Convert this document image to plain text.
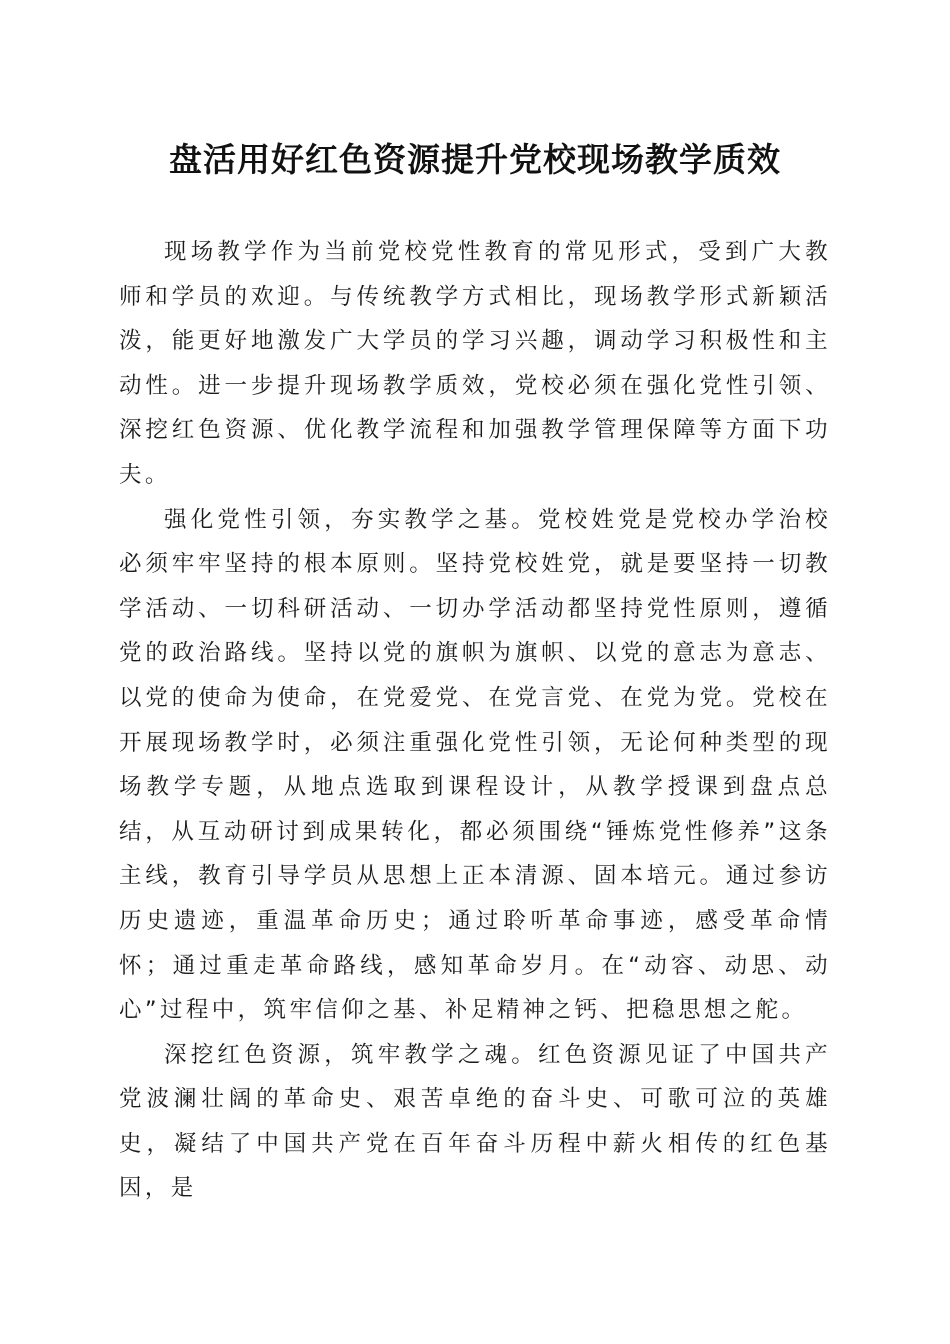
盘活用好红色资源提升党校现场教学质效

现场教学作为当前党校党性教育的常见形式，受到广大教师和学员的欢迎。与传统教学方式相比，现场教学形式新颖活泼，能更好地激发广大学员的学习兴趣，调动学习积极性和主动性。进一步提升现场教学质效，党校必须在强化党性引领、深挖红色资源、优化教学流程和加强教学管理保障等方面下功夫。

强化党性引领，夯实教学之基。党校姓党是党校办学治校必须牢牢坚持的根本原则。坚持党校姓党，就是要坚持一切教学活动、一切科研活动、一切办学活动都坚持党性原则，遵循党的政治路线。坚持以党的旗帜为旗帜、以党的意志为意志、以党的使命为使命，在党爱党、在党言党、在党为党。党校在开展现场教学时，必须注重强化党性引领，无论何种类型的现场教学专题，从地点选取到课程设计，从教学授课到盘点总结，从互动研讨到成果转化，都必须围绕“锤炼党性修养”这条主线，教育引导学员从思想上正本清源、固本培元。通过参访历史遗迹，重温革命历史；通过聆听革命事迹，感受革命情怀；通过重走革命路线，感知革命岁月。在“动容、动思、动心”过程中，筑牢信仰之基、补足精神之钙、把稳思想之舵。

深挖红色资源，筑牢教学之魂。红色资源见证了中国共产党波澜壮阔的革命史、艰苦卓绝的奋斗史、可歌可泣的英雄史，凝结了中国共产党在百年奋斗历程中薪火相传的红色基因，是
